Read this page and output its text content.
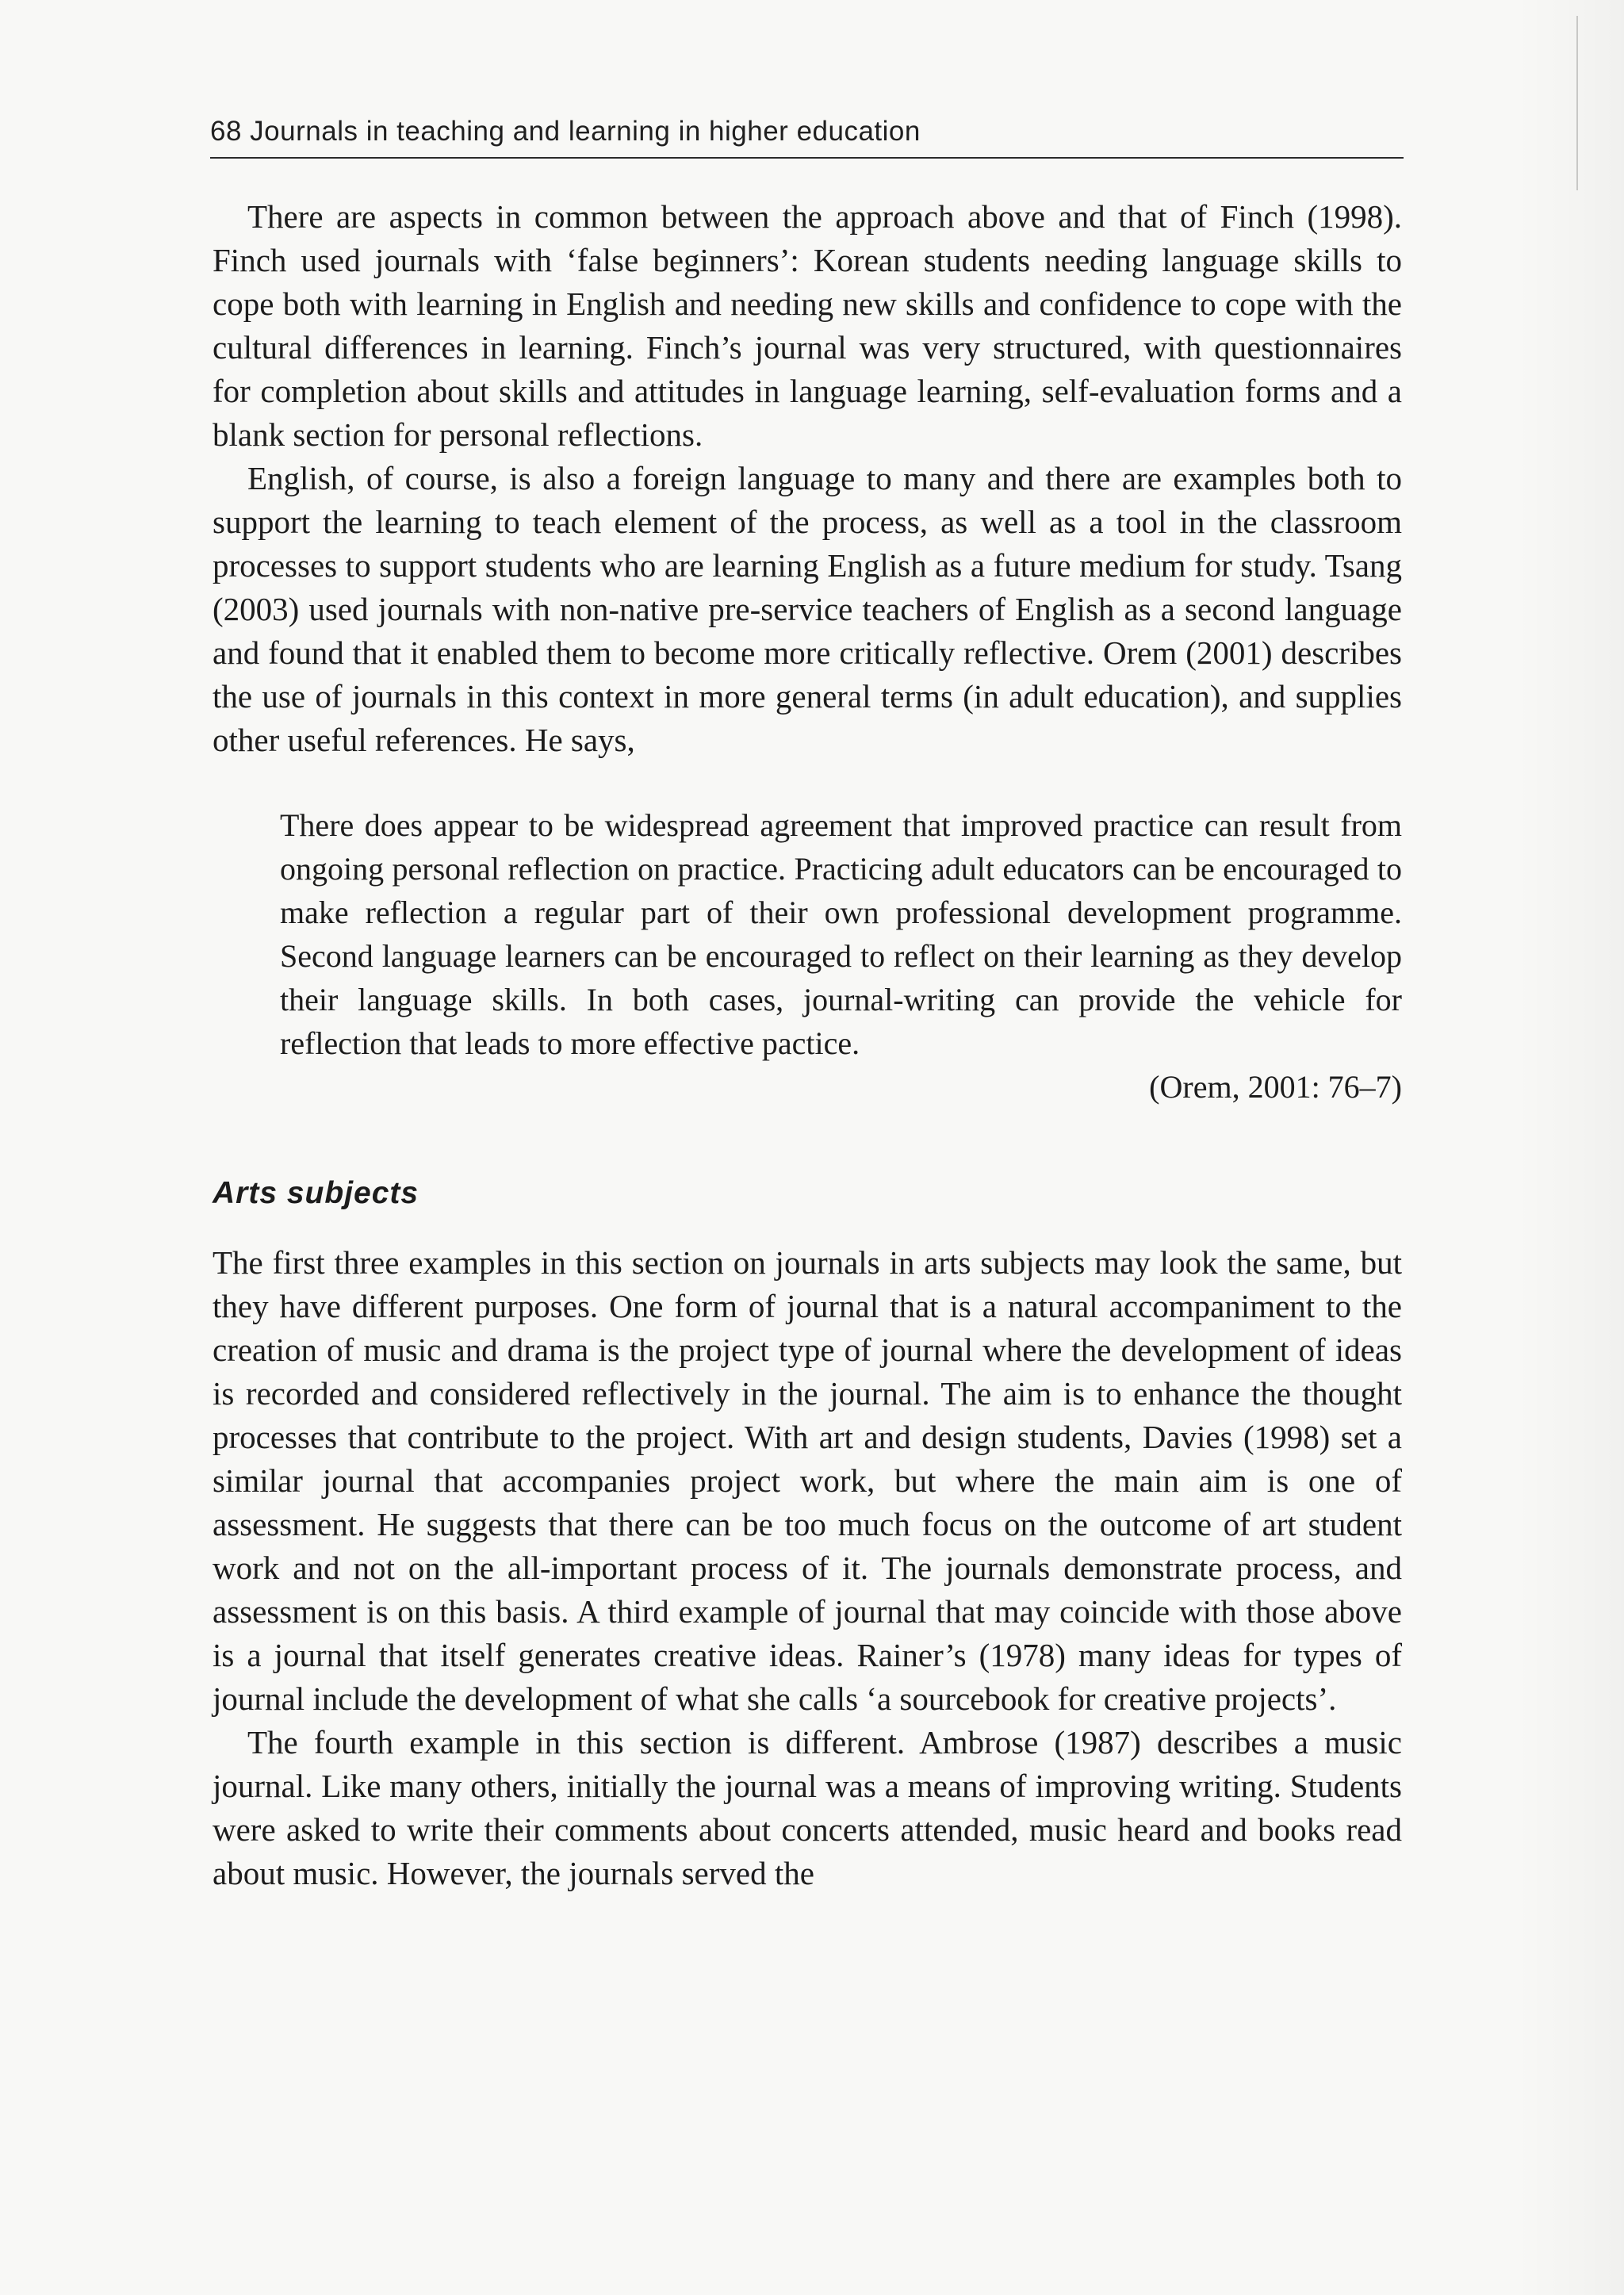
68 Journals in teaching and learning in higher education

There are aspects in common between the approach above and that of Finch (1998). Finch used journals with ‘false beginners’: Korean students needing language skills to cope both with learning in English and needing new skills and confidence to cope with the cultural differences in learning. Finch’s journal was very structured, with questionnaires for completion about skills and attitudes in language learning, self-evaluation forms and a blank section for personal reflections.

English, of course, is also a foreign language to many and there are examples both to support the learning to teach element of the process, as well as a tool in the classroom processes to support students who are learning English as a future medium for study. Tsang (2003) used journals with non-native pre-service teachers of English as a second language and found that it enabled them to become more critically reflective. Orem (2001) describes the use of journals in this context in more general terms (in adult education), and supplies other useful references. He says,

There does appear to be widespread agreement that improved practice can result from ongoing personal reflection on practice. Practicing adult educators can be encouraged to make reflection a regular part of their own professional development programme. Second language learners can be encouraged to reflect on their learning as they develop their language skills. In both cases, journal-writing can provide the vehicle for reflection that leads to more effective pactice.

(Orem, 2001: 76–7)
Arts subjects

The first three examples in this section on journals in arts subjects may look the same, but they have different purposes. One form of journal that is a natural accompaniment to the creation of music and drama is the project type of journal where the development of ideas is recorded and considered reflectively in the journal. The aim is to enhance the thought processes that contribute to the project. With art and design students, Davies (1998) set a similar journal that accompanies project work, but where the main aim is one of assessment. He suggests that there can be too much focus on the outcome of art student work and not on the all-important process of it. The journals demonstrate process, and assessment is on this basis. A third example of journal that may coincide with those above is a journal that itself generates creative ideas. Rainer’s (1978) many ideas for types of journal include the development of what she calls ‘a sourcebook for creative projects’.

The fourth example in this section is different. Ambrose (1987) describes a music journal. Like many others, initially the journal was a means of improving writing. Students were asked to write their comments about concerts attended, music heard and books read about music. However, the journals served the
